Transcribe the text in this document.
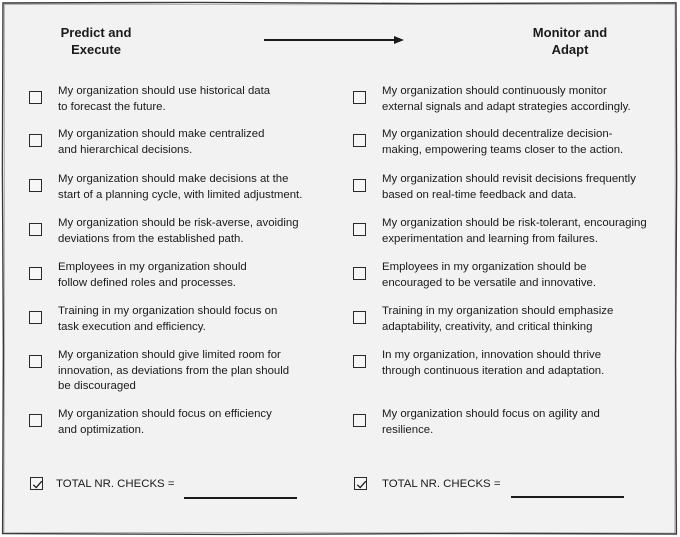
Predict and
Execute
Monitor and
Adapt
My organization should use historical data
to forecast the future.
My organization should make centralized
and hierarchical decisions.
My organization should make decisions at the
start of a planning cycle, with limited adjustment.
My organization should be risk-averse, avoiding
deviations from the established path.
Employees in my organization should
follow defined roles and processes.
Training in my organization should focus on
task execution and efficiency.
My organization should give limited room for
innovation, as deviations from the plan should
be discouraged
My organization should focus on efficiency
and optimization.
My organization should continuously monitor
external signals and adapt strategies accordingly.
My organization should decentralize decision-
making, empowering teams closer to the action.
My organization should revisit decisions frequently
based on real-time feedback and data.
My organization should be risk-tolerant, encouraging
experimentation and learning from failures.
Employees in my organization should be
encouraged to be versatile and innovative.
Training in my organization should emphasize
adaptability, creativity, and critical thinking
In my organization, innovation should thrive
through continuous iteration and adaptation.
My organization should focus on agility and
resilience.
TOTAL NR. CHECKS =	TOTAL NR. CHECKS =
